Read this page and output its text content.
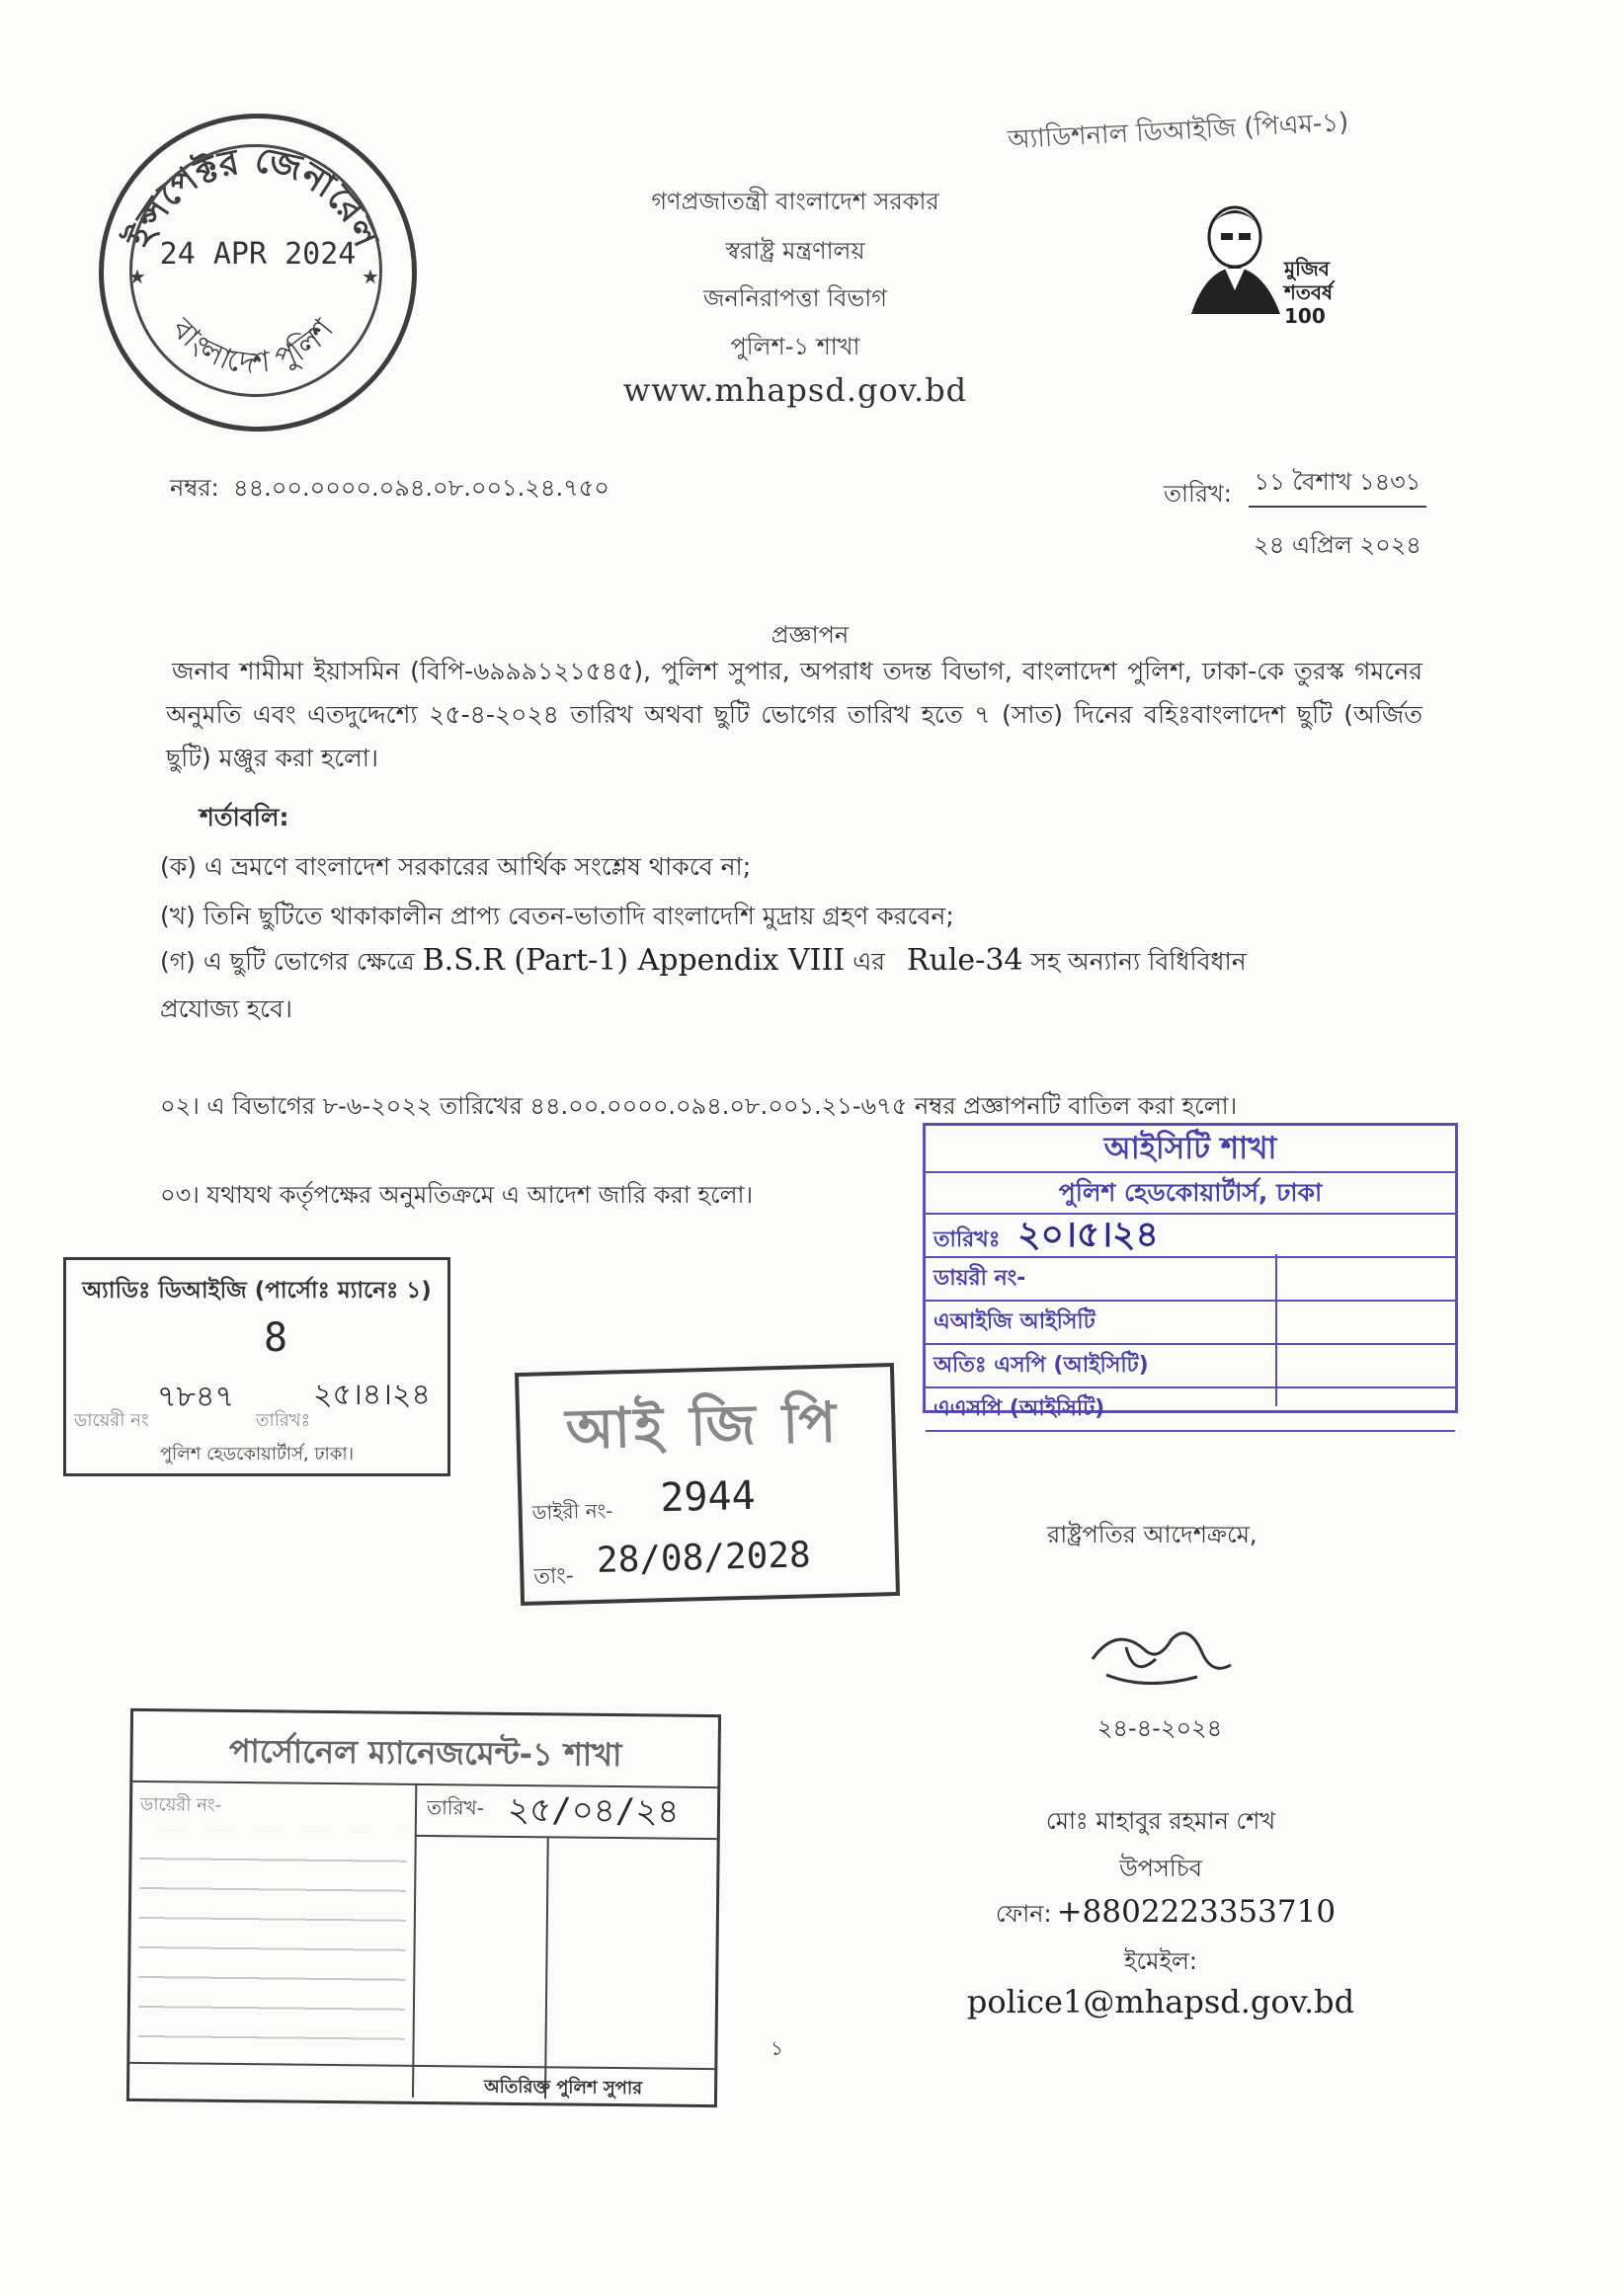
ইন্সপেক্টর জেনারেল
বাংলাদেশ পুলিশ
★	★
24 APR 2024
গণপ্রজাতন্ত্রী বাংলাদেশ সরকার
স্বরাষ্ট্র মন্ত্রণালয়
জননিরাপত্তা বিভাগ
পুলিশ-১ শাখা
www.mhapsd.gov.bd
অ্যাডিশনাল ডিআইজি (পিএম-১)
মুজিব শতবর্ষ 100
নম্বর: ৪৪.০০.০০০০.০৯৪.০৮.০০১.২৪.৭৫০	তারিখ: ১১ বৈশাখ ১৪৩১
২৪ এপ্রিল ২০২৪
প্রজ্ঞাপন
জনাব শামীমা ইয়াসমিন (বিপি-৬৯৯৯১২১৫৪৫), পুলিশ সুপার, অপরাধ তদন্ত বিভাগ, বাংলাদেশ পুলিশ, ঢাকা-কে তুরস্ক গমনের অনুমতি এবং এতদুদ্দেশ্যে ২৫-৪-২০২৪ তারিখ অথবা ছুটি ভোগের তারিখ হতে ৭ (সাত) দিনের বহিঃবাংলাদেশ ছুটি (অর্জিত ছুটি) মঞ্জুর করা হলো।
শর্তাবলি:
(ক) এ ভ্রমণে বাংলাদেশ সরকারের আর্থিক সংশ্লেষ থাকবে না;
(খ) তিনি ছুটিতে থাকাকালীন প্রাপ্য বেতন-ভাতাদি বাংলাদেশি মুদ্রায় গ্রহণ করবেন;
(গ) এ ছুটি ভোগের ক্ষেত্রে B.S.R (Part-1) Appendix VIII এর Rule-34 সহ অন্যান্য বিধিবিধান
প্রযোজ্য হবে।
০২। এ বিভাগের ৮-৬-২০২২ তারিখের ৪৪.০০.০০০০.০৯৪.০৮.০০১.২১-৬৭৫ নম্বর প্রজ্ঞাপনটি বাতিল করা হলো।
০৩। যথাযথ কর্তৃপক্ষের অনুমতিক্রমে এ আদেশ জারি করা হলো।
আইসিটি শাখা
পুলিশ হেডকোয়ার্টার্স, ঢাকা
তারিখঃ ২০।৫।২৪
ডায়রী নং-
এআইজি আইসিটি
অতিঃ এসপি (আইসিটি)
এএসপি (আইসিটি)
অ্যাডিঃ ডিআইজি (পার্সোঃ ম্যানেঃ ১)
8
ডায়েরী নং
৭৮৪৭
তারিখঃ
২৫।৪।২৪
পুলিশ হেডকোয়ার্টার্স, ঢাকা।	আই জি পি
ডাইরী নং- 2944
তাং- 28/08/2028
পার্সোনেল ম্যানেজমেন্ট-১ শাখা
ডায়েরী নং-	তারিখ- ২৫/০৪/২৪
অতিরিক্ত পুলিশ সুপার
রাষ্ট্রপতির আদেশক্রমে,
২৪-৪-২০২৪
মোঃ মাহাবুর রহমান শেখ
উপসচিব
ফোন: +8802223353710
ইমেইল:
police1@mhapsd.gov.bd
১
